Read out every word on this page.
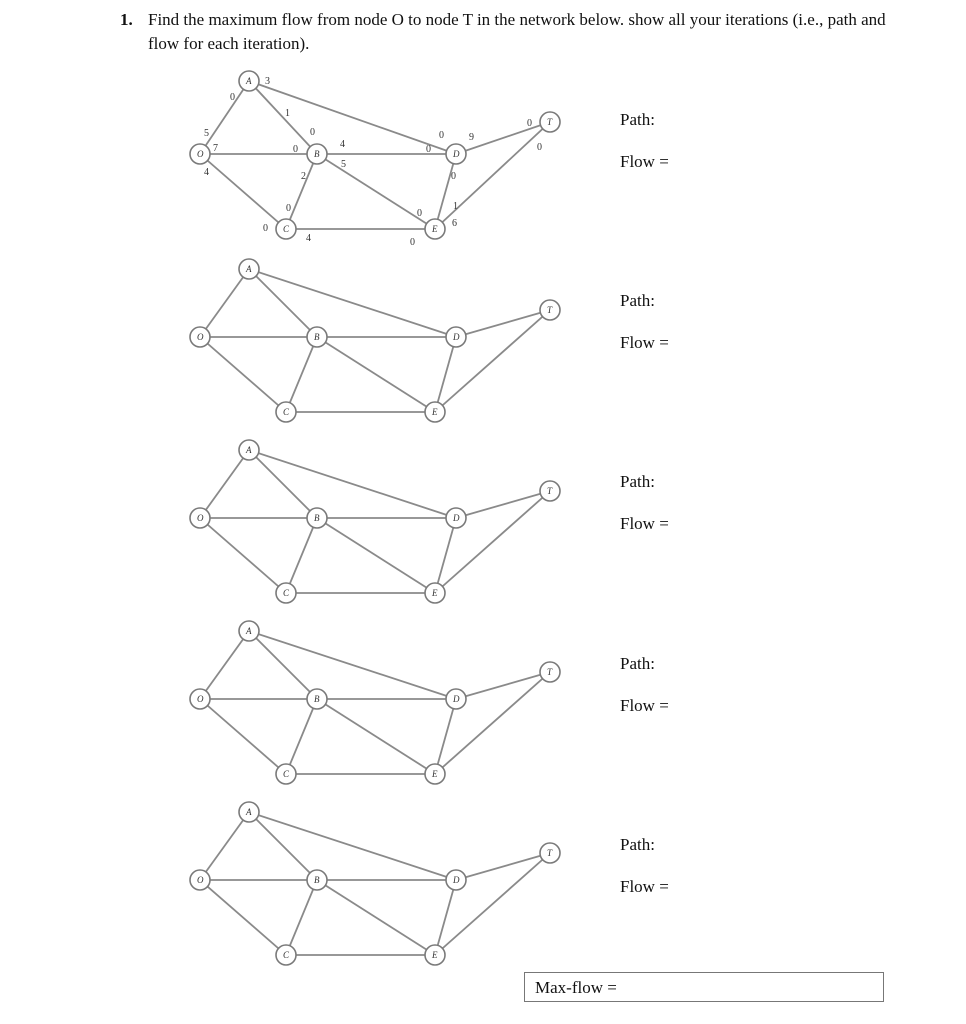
1. Find the maximum flow from node O to node T in the network below. show all your iterations (i.e., path and flow for each iteration).
O
A
B
C
D
E
T
5
0
7	0
4
0
1
0
3
0
2
0
4	0
5
0
4	0
9
0
1
0
6
0
O
A
B
C
D
E
T
O
A
B
C
D
E
T
O
A
B
C
D
E
T
O
A
B
C
D
E
T
Path:
Flow =
Path:
Flow =
Path:
Flow =
Path:
Flow =
Path:
Flow =
Max-flow =
